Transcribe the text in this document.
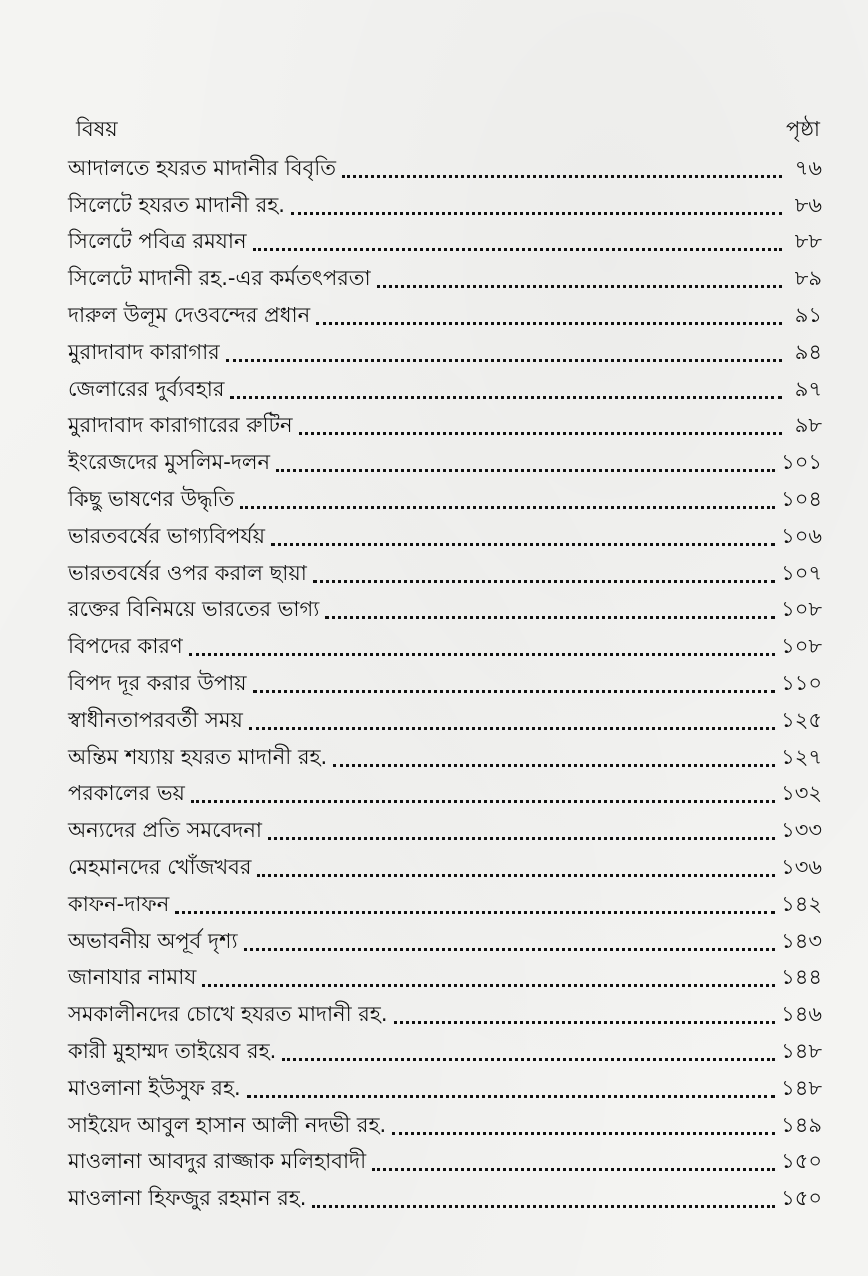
বিষয়	পৃষ্ঠা
আদালতে হযরত মাদানীর বিবৃতি	৭৬
সিলেটে হযরত মাদানী রহ.	৮৬
সিলেটে পবিত্র রমযান	৮৮
সিলেটে মাদানী রহ.-এর কর্মতৎপরতা	৮৯
দারুল উলূম দেওবন্দের প্রধান	৯১
মুরাদাবাদ কারাগার	৯৪
জেলারের দুর্ব্যবহার	৯৭
মুরাদাবাদ কারাগারের রুটিন	৯৮
ইংরেজদের মুসলিম-দলন	১০১
কিছু ভাষণের উদ্ধৃতি	১০৪
ভারতবর্ষের ভাগ্যবিপর্যয়	১০৬
ভারতবর্ষের ওপর করাল ছায়া	১০৭
রক্তের বিনিময়ে ভারতের ভাগ্য	১০৮
বিপদের কারণ	১০৮
বিপদ দূর করার উপায়	১১০
স্বাধীনতাপরবর্তী সময়	১২৫
অন্তিম শয্যায় হযরত মাদানী রহ.	১২৭
পরকালের ভয়	১৩২
অন্যদের প্রতি সমবেদনা	১৩৩
মেহমানদের খোঁজখবর	১৩৬
কাফন-দাফন	১৪২
অভাবনীয় অপূর্ব দৃশ্য	১৪৩
জানাযার নামায	১৪৪
সমকালীনদের চোখে হযরত মাদানী রহ.	১৪৬
কারী মুহাম্মদ তাইয়েব রহ.	১৪৮
মাওলানা ইউসুফ রহ.	১৪৮
সাইয়েদ আবুল হাসান আলী নদভী রহ.	১৪৯
মাওলানা আবদুর রাজ্জাক মলিহাবাদী	১৫০
মাওলানা হিফজুর রহমান রহ.	১৫০
